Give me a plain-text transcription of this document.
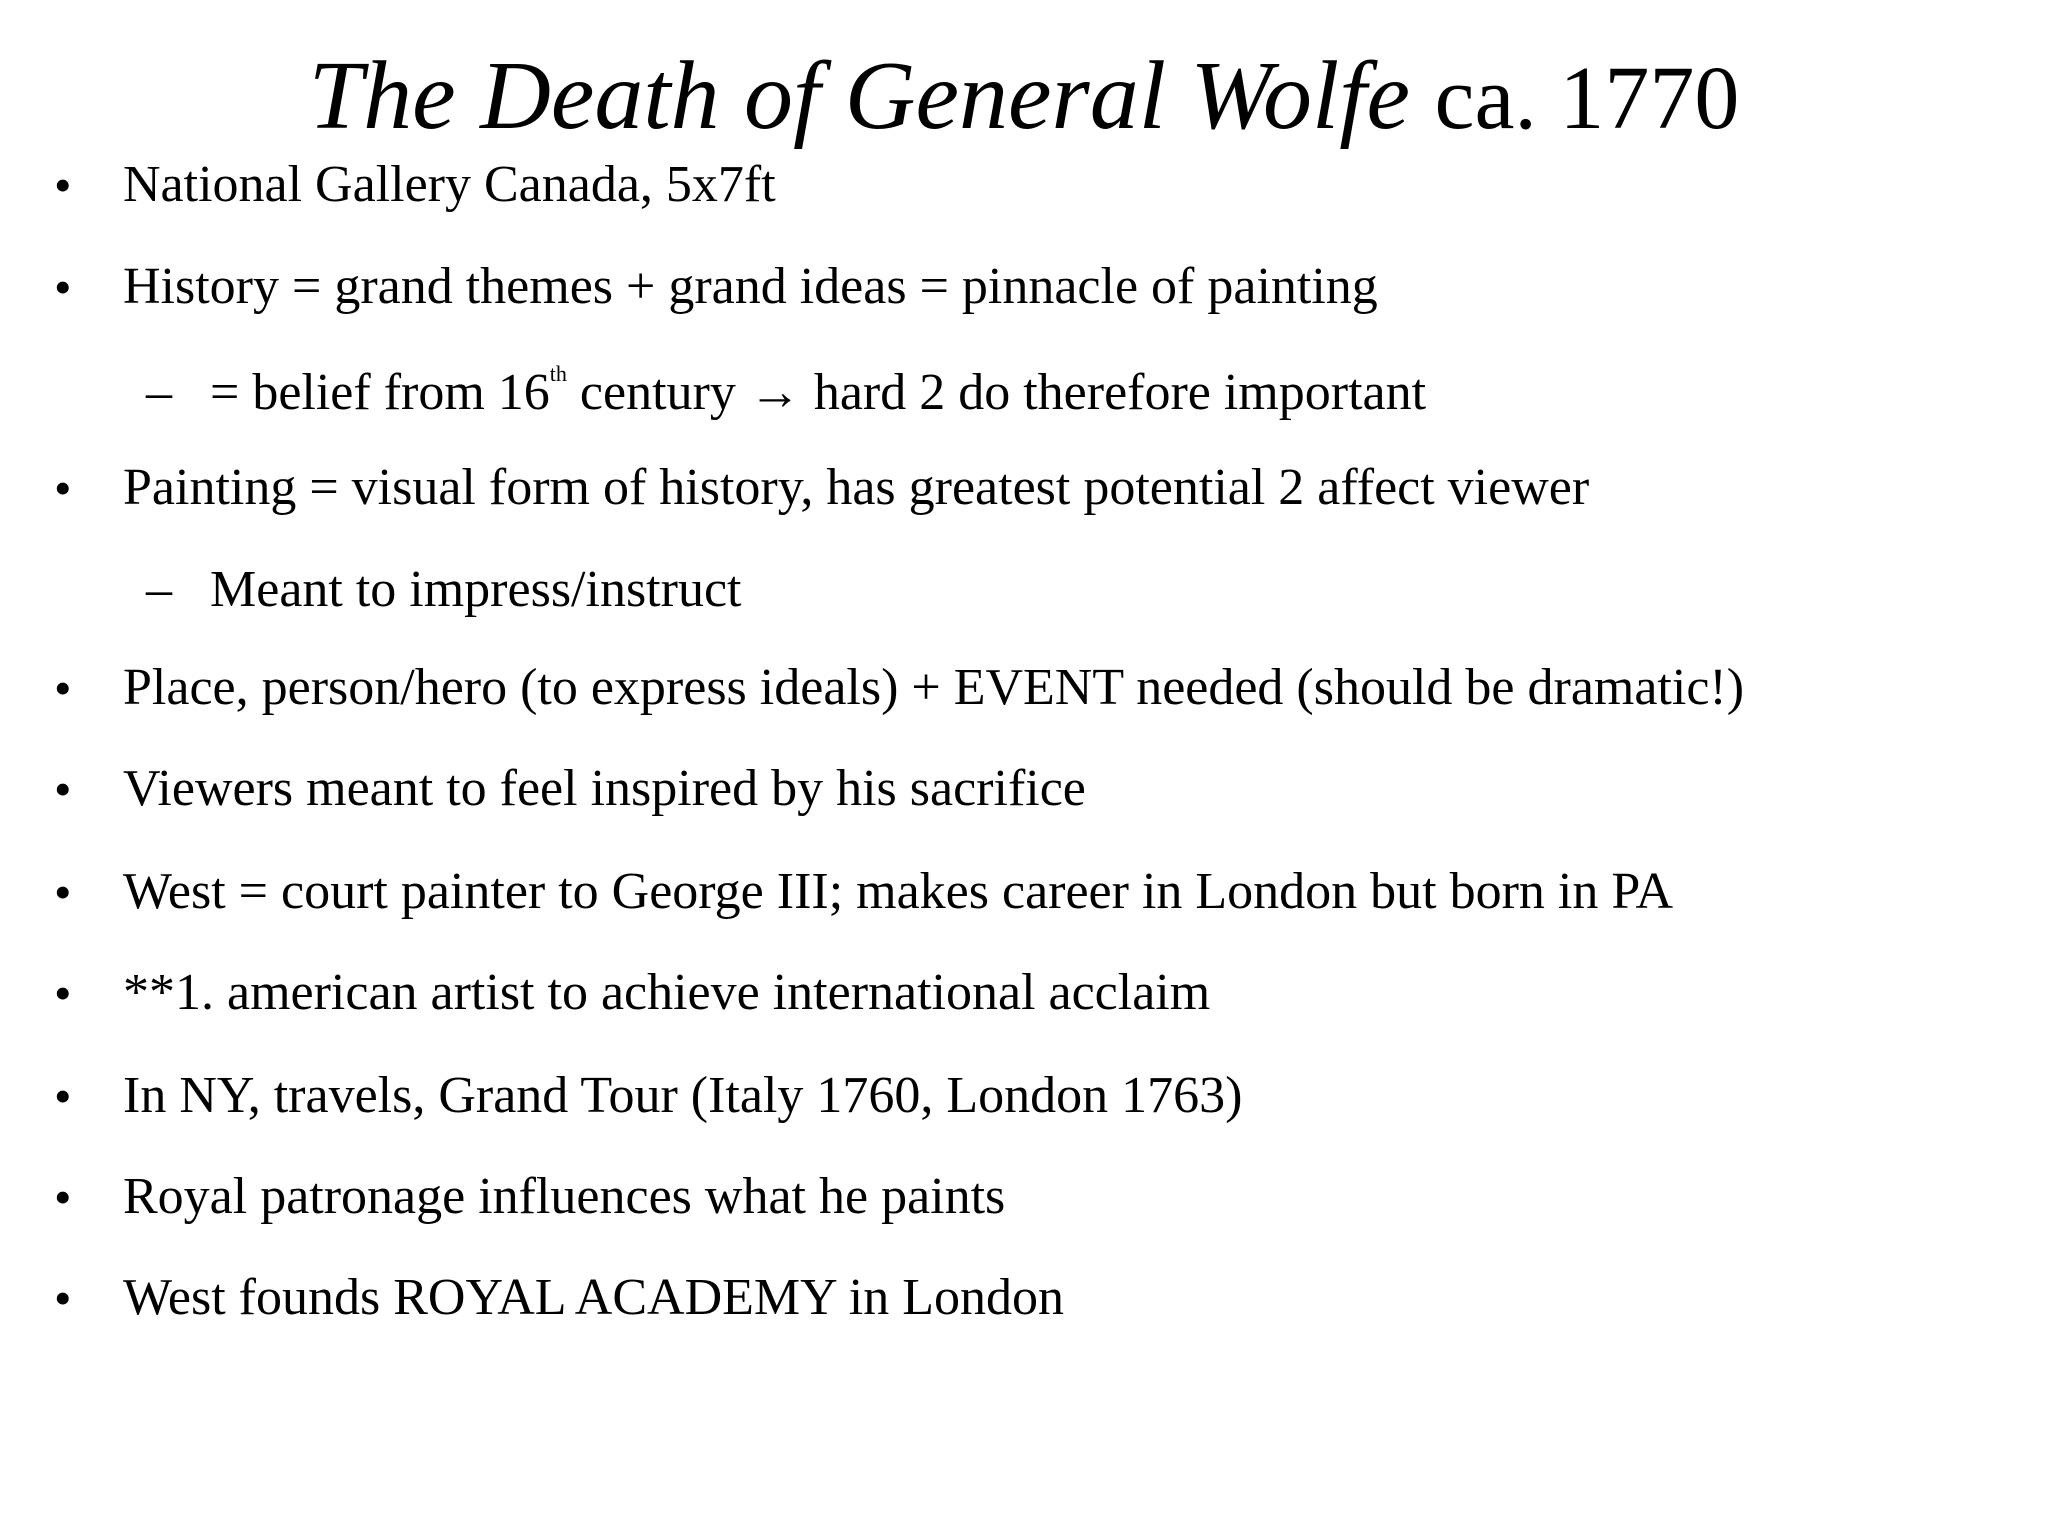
The Death of General Wolfe ca. 1770
• National Gallery Canada, 5x7ft
• History = grand themes + grand ideas = pinnacle of painting
– = belief from 16th century → hard 2 do therefore important
• Painting = visual form of history, has greatest potential 2 affect viewer
– Meant to impress/instruct
• Place, person/hero (to express ideals) + EVENT needed (should be dramatic!)
• Viewers meant to feel inspired by his sacrifice
• West = court painter to George III; makes career in London but born in PA
• **1. american artist to achieve international acclaim
• In NY, travels, Grand Tour (Italy 1760, London 1763)
• Royal patronage influences what he paints
• West founds ROYAL ACADEMY in London
